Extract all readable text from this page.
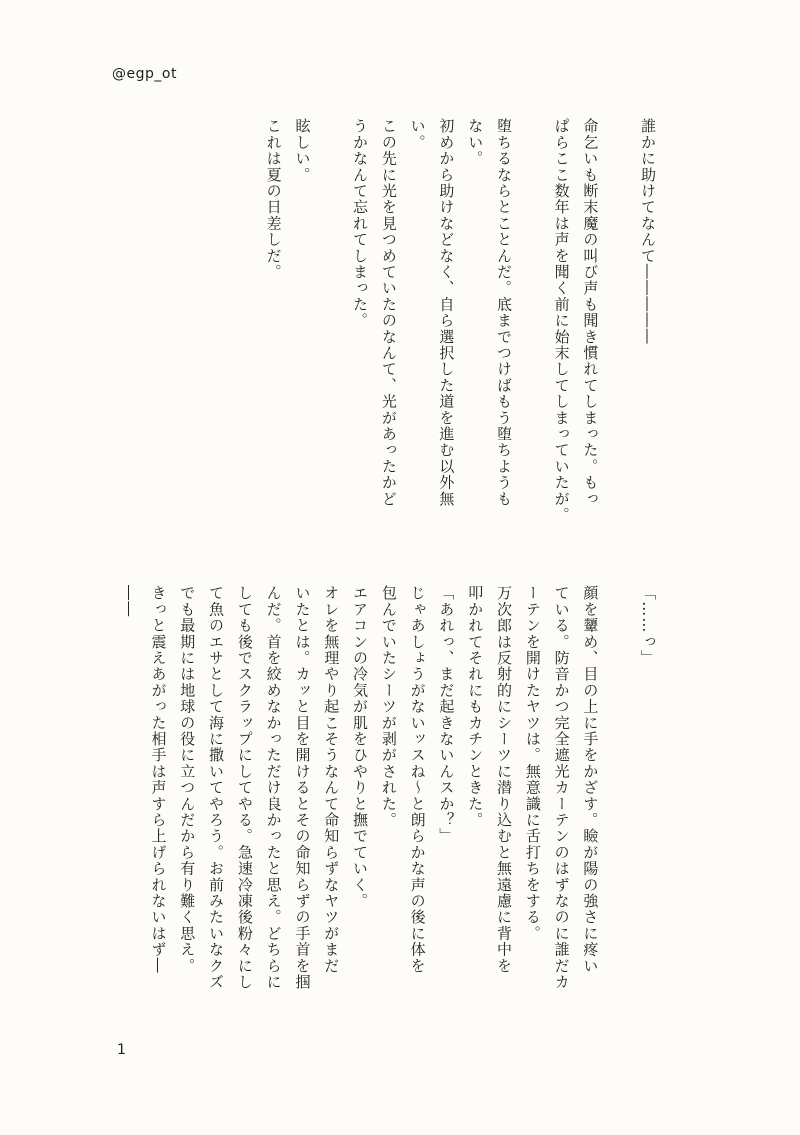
@egp_ot

誰かに助けてなんて―――――

命乞いも断末魔の叫び声も聞き慣れてしまった。もっ

ぱらここ数年は声を聞く前に始末してしまっていたが。

堕ちるならとことんだ。底までつけばもう堕ちようも

ない。

初めから助けなどなく、自ら選択した道を進む以外無

い。

この先に光を見つめていたのなんて、光があったかど

うかなんて忘れてしまった。

眩しい。

これは夏の日差しだ。

「……っ」

顔を顰め、目の上に手をかざす。瞼が陽の強さに疼い

ている。防音かつ完全遮光カーテンのはずなのに誰だカ

ーテンを開けたヤツは。無意識に舌打ちをする。

万次郎は反射的にシーツに潜り込むと無遠慮に背中を

叩かれてそれにもカチンときた。

「あれっ、まだ起きないんスか？」

じゃあしょうがないッスね～と朗らかな声の後に体を

包んでいたシーツが剥がされた。

エアコンの冷気が肌をひやりと撫でていく。

オレを無理やり起こそうなんて命知らずなヤツがまだ

いたとは。カッと目を開けるとその命知らずの手首を掴

んだ。首を絞めなかっただけ良かったと思え。どちらに

しても後でスクラップにしてやる。急速冷凍後粉々にし

て魚のエサとして海に撒いてやろう。お前みたいなクズ

でも最期には地球の役に立つんだから有り難く思え。

きっと震えあがった相手は声すら上げられないはず―

――

1
